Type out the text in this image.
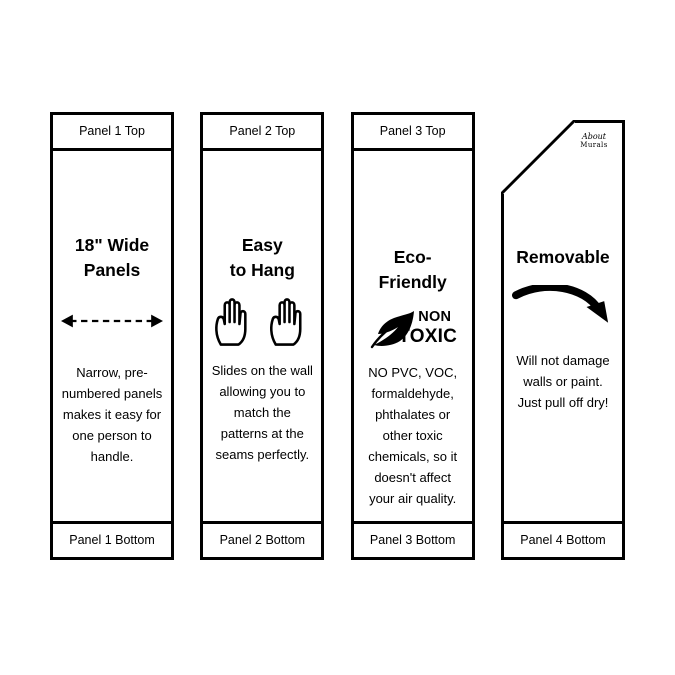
Panel 1 Top
18" Wide
Panels
Narrow, pre-numbered panels makes it easy for one person to handle.
Panel 1 Bottom
Panel 2 Top
Easy
to Hang
Slides on the wall allowing you to match the patterns at the seams perfectly.
Panel 2 Bottom
Panel 3 Top
Eco-Friendly
NON
TOXIC
NO PVC, VOC, formaldehyde, phthalates or other toxic chemicals, so it doesn't affect your air quality.
Panel 3 Bottom
About
Murals
Removable
Will not damage walls or paint. Just pull off dry!
Panel 4 Bottom
